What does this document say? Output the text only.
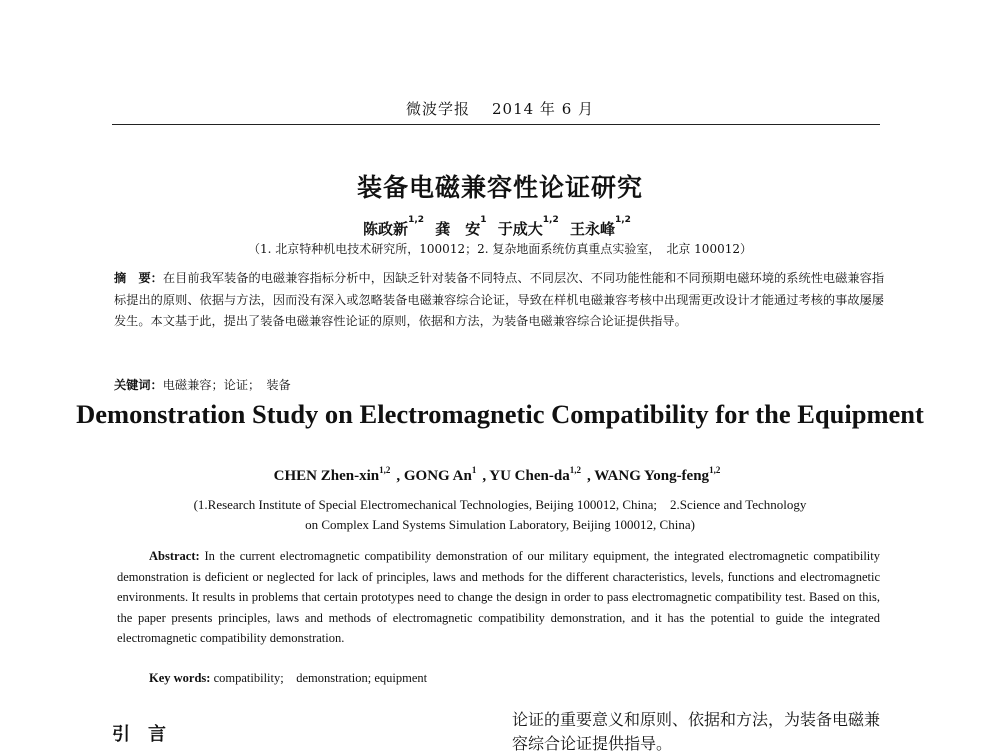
微波学报 2014 年 6 月
装备电磁兼容性论证研究
陈政新$^{1,2}$ 龚　安$^1$ 于成大$^{1,2}$ 王永峰$^{1,2}$
（1. 北京特种机电技术研究所，100012；2. 复杂地面系统仿真重点实验室，　北京 100012）
摘　要：在目前我军装备的电磁兼容指标分析中，因缺乏针对装备不同特点、不同层次、不同功能性能和不同预期电磁环境的系统性电磁兼容指标提出的原则、依据与方法，因而没有深入或忽略装备电磁兼容综合论证，导致在样机电磁兼容考核中出现需更改设计才能通过考核的事故屡屡发生。本文基于此，提出了装备电磁兼容性论证的原则，依据和方法，为装备电磁兼容综合论证提供指导。
关键词：电磁兼容；论证；　装备
Demonstration Study on Electromagnetic Compatibility for the Equipment
CHEN Zhen-xin$^{1,2}$ , GONG An$^1$ , YU Chen-da$^{1,2}$ , WANG Yong-feng$^{1,2}$
(1.Research Institute of Special Electromechanical Technologies, Beijing 100012, China;　2.Science and Technology
on Complex Land Systems Simulation Laboratory, Beijing 100012, China)
Abstract: In the current electromagnetic compatibility demonstration of our military equipment, the integrated electromagnetic compatibility demonstration is deficient or neglected for lack of principles, laws and methods for the different characteristics, levels, functions and electromagnetic environments. It results in problems that certain prototypes need to change the design in order to pass electromagnetic compatibility test. Based on this, the paper presents principles, laws and methods of electromagnetic compatibility demonstration, and it has the potential to guide the integrated electromagnetic compatibility demonstration.
Key words: compatibility;　demonstration; equipment
引　言
论证的重要意义和原则、依据和方法，为装备电磁兼容综合论证提供指导。
